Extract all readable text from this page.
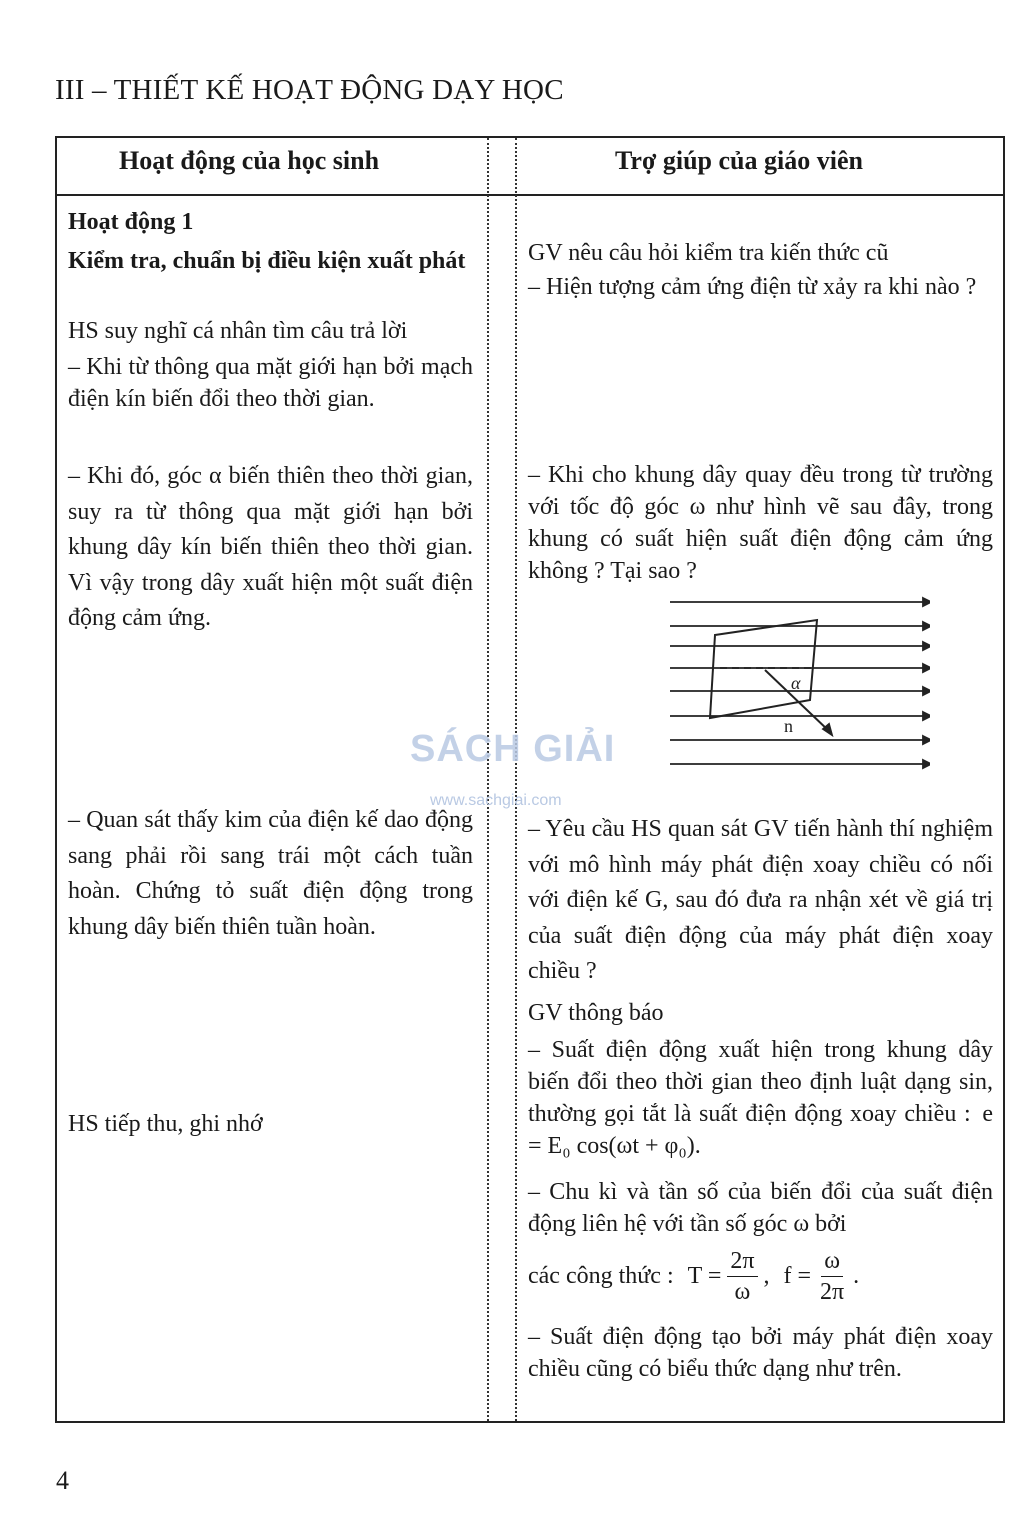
III – THIẾT KẾ HOẠT ĐỘNG DẠY HỌC
Hoạt động của học sinh	Trợ giúp của giáo viên
Hoạt động 1
Kiểm tra, chuẩn bị điều kiện xuất phát
HS suy nghĩ cá nhân tìm câu trả lời
– Khi từ thông qua mặt giới hạn bởi mạch điện kín biến đổi theo thời gian.
– Khi đó, góc α biến thiên theo thời gian, suy ra từ thông qua mặt giới hạn bởi khung dây kín biến thiên theo thời gian. Vì vậy trong dây xuất hiện một suất điện động cảm ứng.
– Quan sát thấy kim của điện kế dao động sang phải rồi sang trái một cách tuần hoàn. Chứng tỏ suất điện động trong khung dây biến thiên tuần hoàn.
HS tiếp thu, ghi nhớ
GV nêu câu hỏi kiểm tra kiến thức cũ
– Hiện tượng cảm ứng điện từ xảy ra khi nào ?
– Khi cho khung dây quay đều trong từ trường với tốc độ góc ω như hình vẽ sau đây, trong khung có suất hiện suất điện động cảm ứng không ? Tại sao ?
α
n
SÁCH GIẢI
www.sachgiai.com
– Yêu cầu HS quan sát GV tiến hành thí nghiệm với mô hình máy phát điện xoay chiều có nối với điện kế G, sau đó đưa ra nhận xét về giá trị của suất điện động của máy phát điện xoay chiều ?
GV thông báo
– Suất điện động xuất hiện trong khung dây biến đổi theo thời gian theo định luật dạng sin, thường gọi tắt là suất điện động xoay chiều : e = E₀ cos(ωt + φ₀).
– Chu kì và tần số của biến đổi của suất điện động liên hệ với tần số góc ω bởi
các công thức : $T = \frac{2\pi}{\omega}$ , $f = \frac{\omega}{2\pi}$ .
– Suất điện động tạo bởi máy phát điện xoay chiều cũng có biểu thức dạng như trên.
4
